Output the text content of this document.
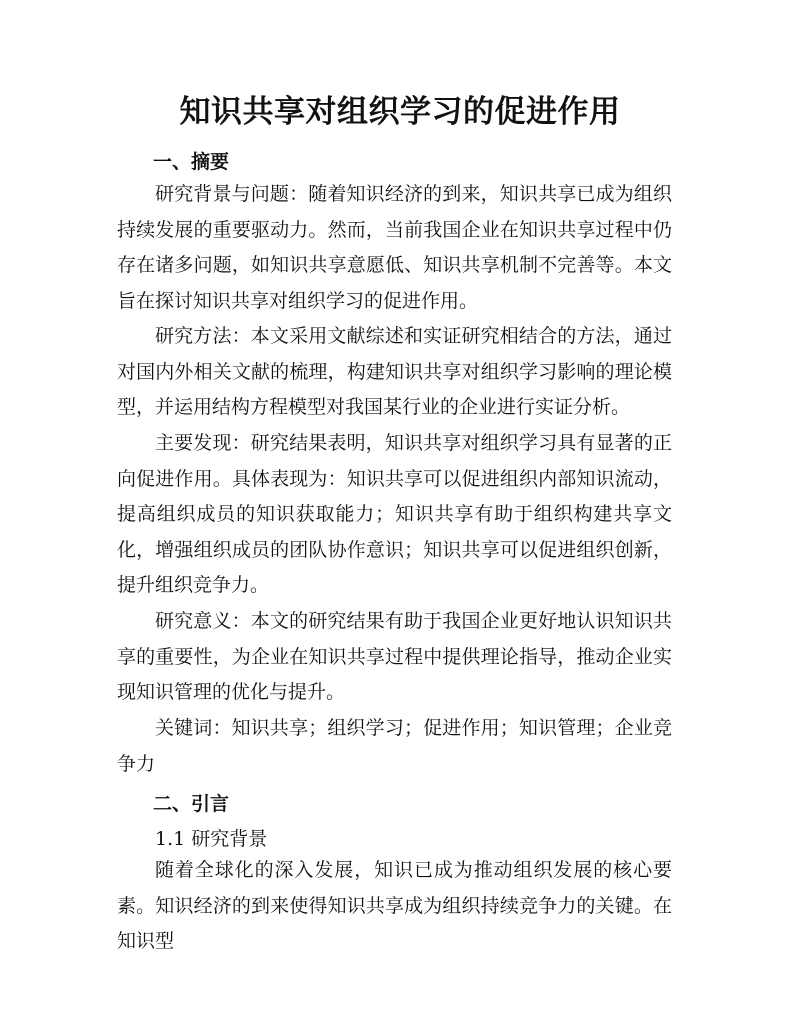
知识共享对组织学习的促进作用
一、摘要

研究背景与问题：随着知识经济的到来，知识共享已成为组织持续发展的重要驱动力。然而，当前我国企业在知识共享过程中仍存在诸多问题，如知识共享意愿低、知识共享机制不完善等。本文旨在探讨知识共享对组织学习的促进作用。

研究方法：本文采用文献综述和实证研究相结合的方法，通过对国内外相关文献的梳理，构建知识共享对组织学习影响的理论模型，并运用结构方程模型对我国某行业的企业进行实证分析。

主要发现：研究结果表明，知识共享对组织学习具有显著的正向促进作用。具体表现为：知识共享可以促进组织内部知识流动，提高组织成员的知识获取能力；知识共享有助于组织构建共享文化，增强组织成员的团队协作意识；知识共享可以促进组织创新，提升组织竞争力。

研究意义：本文的研究结果有助于我国企业更好地认识知识共享的重要性，为企业在知识共享过程中提供理论指导，推动企业实现知识管理的优化与提升。

关键词：知识共享；组织学习；促进作用；知识管理；企业竞争力

二、引言
1.1 研究背景

随着全球化的深入发展，知识已成为推动组织发展的核心要素。知识经济的到来使得知识共享成为组织持续竞争力的关键。在知识型
